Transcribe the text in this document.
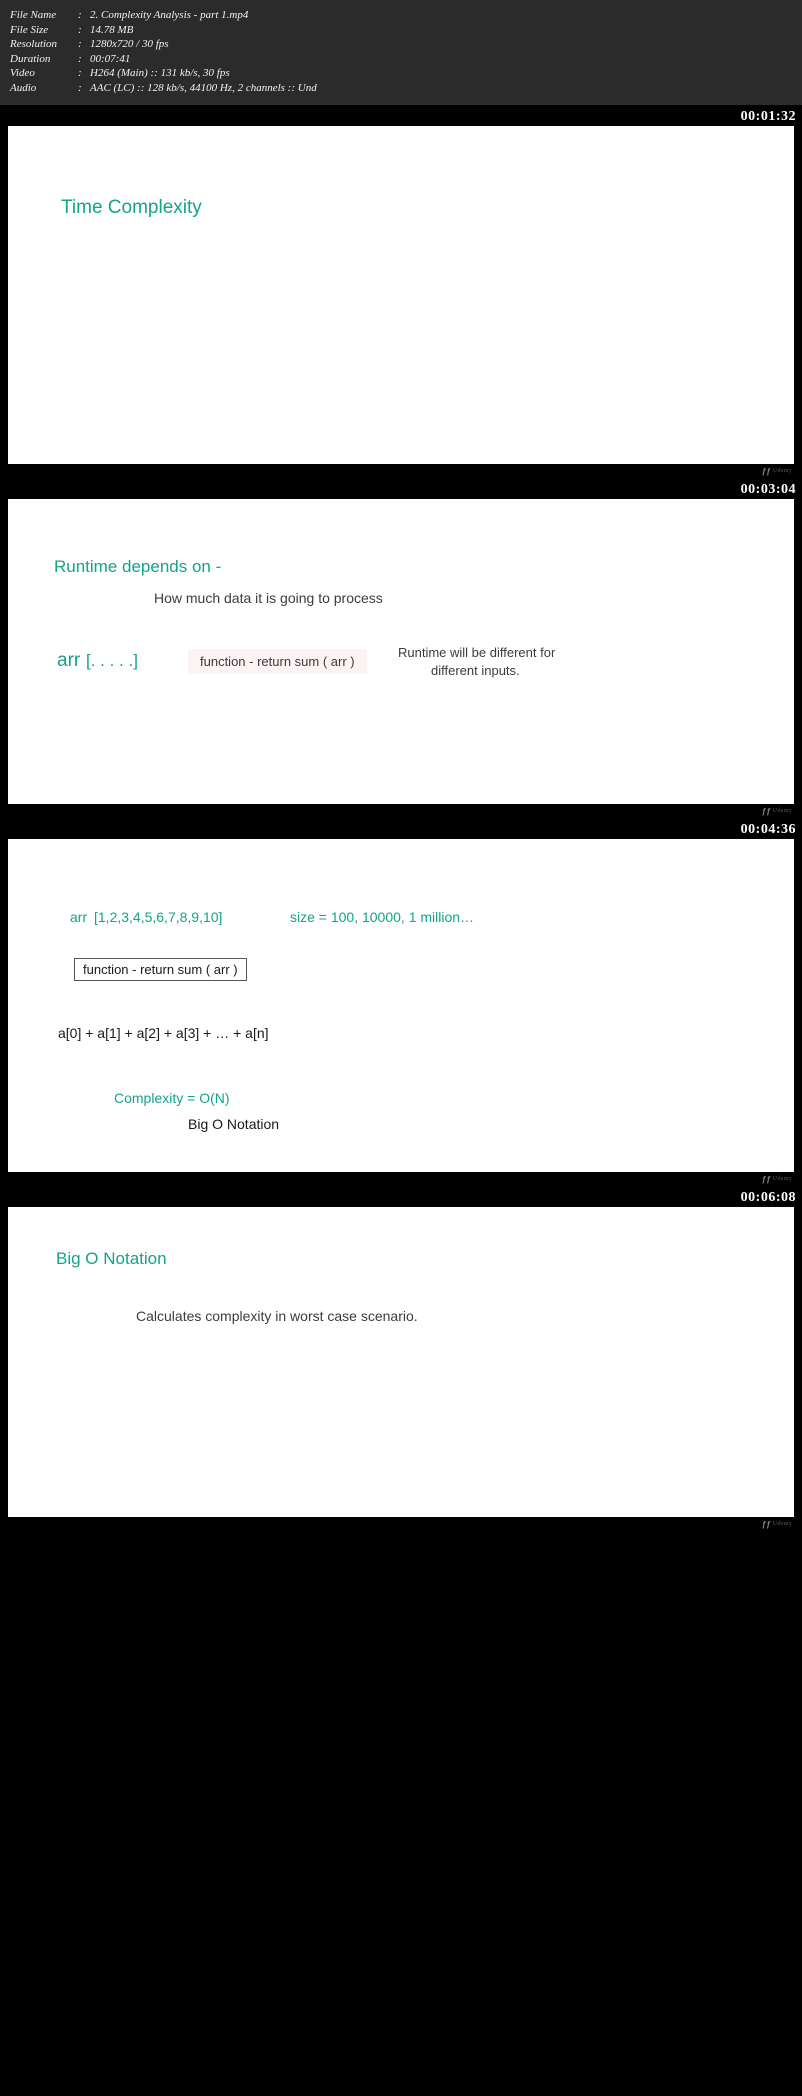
File Name	: 2. Complexity Analysis - part 1.mp4
File Size	: 14.78 MB
Resolution	: 1280x720 / 30 fps
Duration	: 00:07:41
Video	: H264 (Main) :: 131 kb/s, 30 fps
Audio	: AAC (LC) :: 128 kb/s, 44100 Hz, 2 channels :: Und
00:01:32
Time Complexity
ƒƒ Udemy
00:03:04
Runtime depends on -
How much data it is going to process
arr [. . . . .]	function - return sum ( arr )
Runtime will be different for
different inputs.
ƒƒ Udemy
00:04:36
arr [1,2,3,4,5,6,7,8,9,10]	size = 100, 10000, 1 million…
function - return sum ( arr )
a[0] + a[1] + a[2] + a[3] + … + a[n]
Complexity = O(N)
Big O Notation
ƒƒ Udemy
00:06:08
Big O Notation
Calculates complexity in worst case scenario.
ƒƒ Udemy
